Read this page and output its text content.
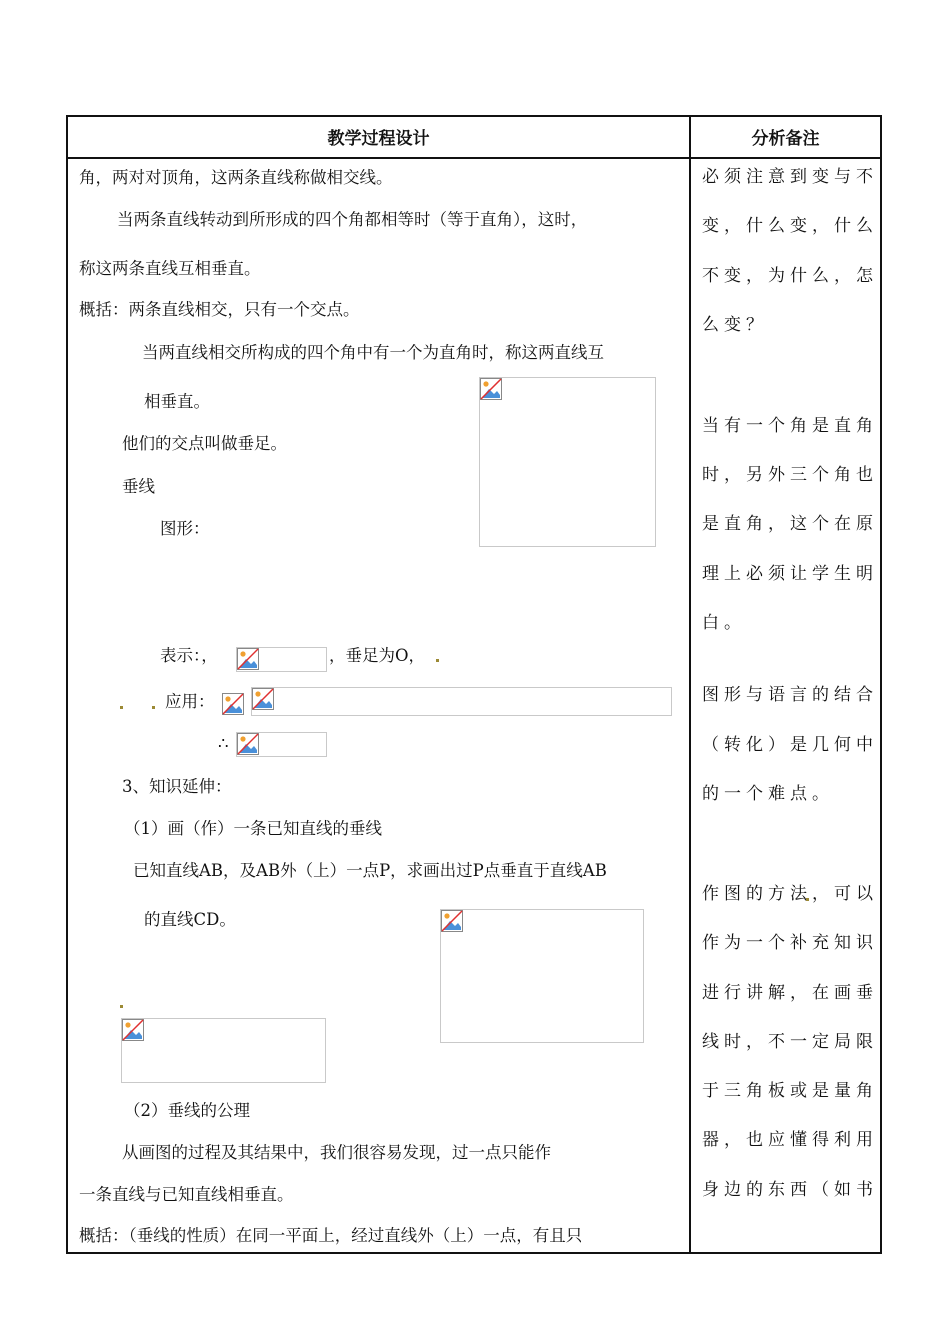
教学过程设计	分析备注
角，两对对顶角，这两条直线称做相交线。
当两条直线转动到所形成的四个角都相等时（等于直角），这时，
称这两条直线互相垂直。
概括：两条直线相交，只有一个交点。
当两直线相交所构成的四个角中有一个为直角时，称这两直线互
相垂直。
他们的交点叫做垂足。
垂线
图形：
表示：，	，垂足为O，
应用：
∴
3、知识延伸：
（1）画（作）一条已知直线的垂线
已知直线AB，及AB外（上）一点P，求画出过P点垂直于直线AB
的直线CD。
（2）垂线的公理
从画图的过程及其结果中，我们很容易发现，过一点只能作
一条直线与已知直线相垂直。
概括：（垂线的性质）在同一平面上，经过直线外（上）一点，有且只
必须注意到变与不
变，什么变，什么
不变，为什么，怎
么变？
当有一个角是直角
时，另外三个角也
是直角，这个在原
理上必须让学生明
白。
图形与语言的结合
（转化）是几何中
的一个难点。
作图的方法，可以
作为一个补充知识
进行讲解，在画垂
线时，不一定局限
于三角板或是量角
器，也应懂得利用
身边的东西（如书
